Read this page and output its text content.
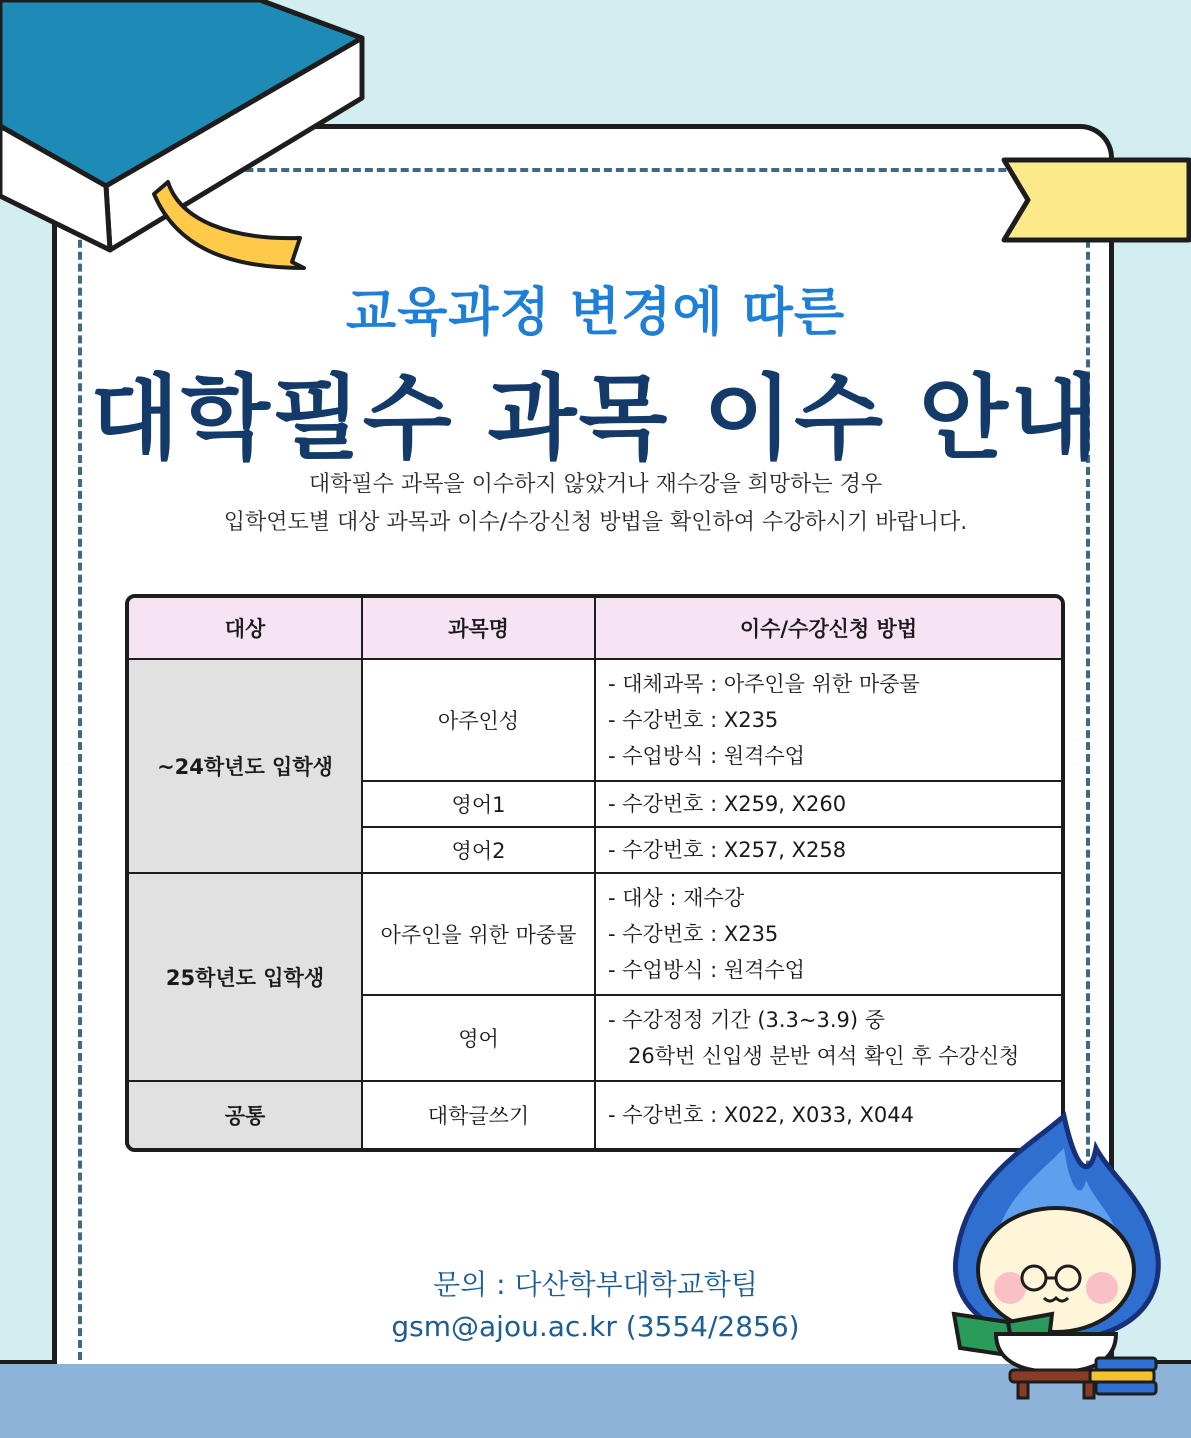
교육과정 변경에 따른
대학필수 과목 이수 안내
대학필수 과목을 이수하지 않았거나 재수강을 희망하는 경우
입학연도별 대상 과목과 이수/수강신청 방법을 확인하여 수강하시기 바랍니다.
대상	과목명	이수/수강신청 방법
~24학년도 입학생	아주인성	- 대체과목 : 아주인을 위한 마중물
- 수강번호 : X235
- 수업방식 : 원격수업

	영어1	- 수강번호 : X259, X260

	영어2	- 수강번호 : X257, X258

25학년도 입학생	아주인을 위한 마중물	- 대상 : 재수강
- 수강번호 : X235
- 수업방식 : 원격수업

	영어	- 수강정정 기간 (3.3~3.9) 중
26학번 신입생 분반 여석 확인 후 수강신청

공통	대학글쓰기	- 수강번호 : X022, X033, X044
문의 : 다산학부대학교학팀
gsm@ajou.ac.kr (3554/2856)
